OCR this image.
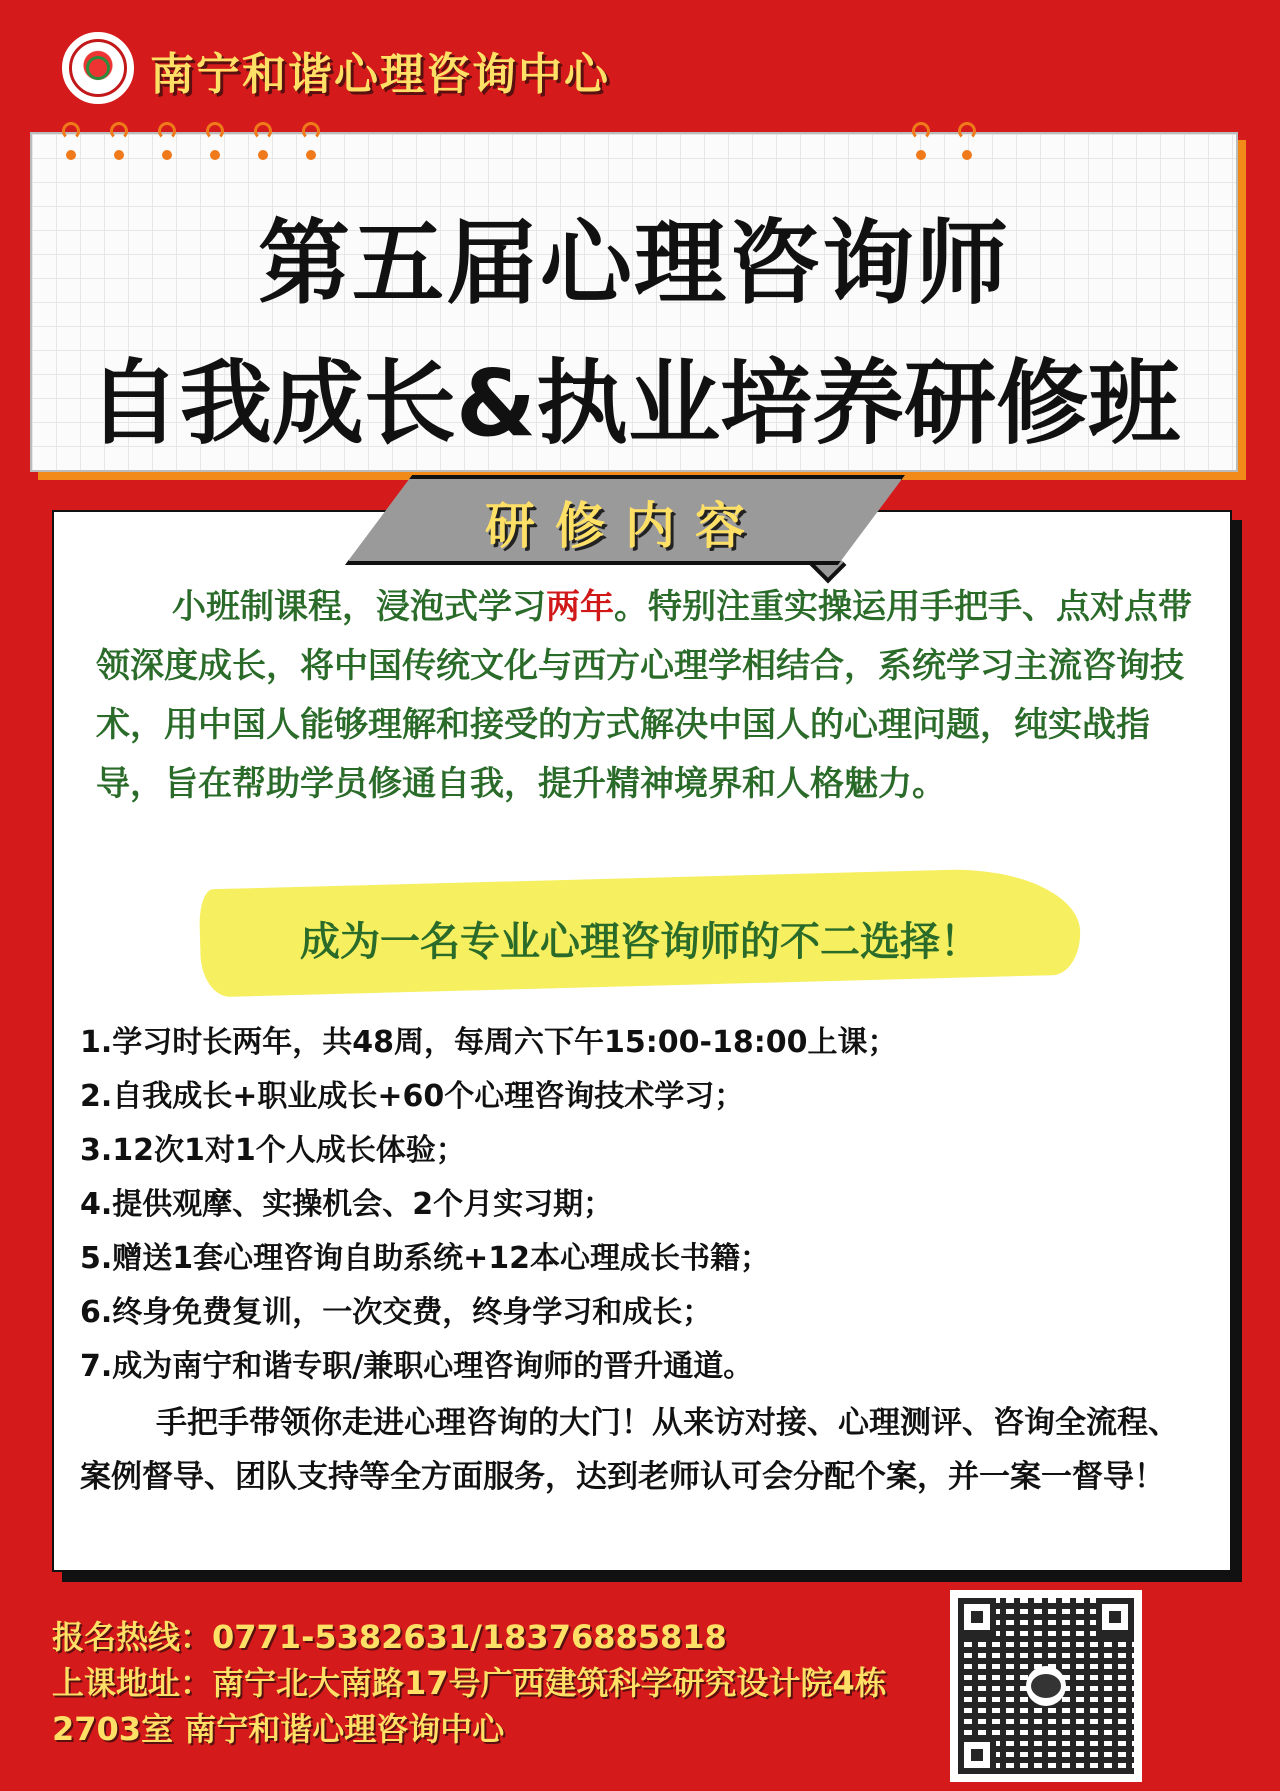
南宁和谐心理咨询中心
第五届心理咨询师
自我成长&执业培养研修班
研修内容
小班制课程，浸泡式学习两年。特别注重实操运用手把手、点对点带领深度成长，将中国传统文化与西方心理学相结合，系统学习主流咨询技术，用中国人能够理解和接受的方式解决中国人的心理问题，纯实战指导，旨在帮助学员修通自我，提升精神境界和人格魅力。
成为一名专业心理咨询师的不二选择！
1.学习时长两年，共48周，每周六下午15:00-18:00上课；
2.自我成长+职业成长+60个心理咨询技术学习；
3.12次1对1个人成长体验；
4.提供观摩、实操机会、2个月实习期；
5.赠送1套心理咨询自助系统+12本心理成长书籍；
6.终身免费复训，一次交费，终身学习和成长；
7.成为南宁和谐专职/兼职心理咨询师的晋升通道。
手把手带领你走进心理咨询的大门！从来访对接、心理测评、咨询全流程、案例督导、团队支持等全方面服务，达到老师认可会分配个案，并一案一督导！
报名热线：0771-5382631/18376885818
上课地址：南宁北大南路17号广西建筑科学研究设计院4栋
2703室 南宁和谐心理咨询中心
